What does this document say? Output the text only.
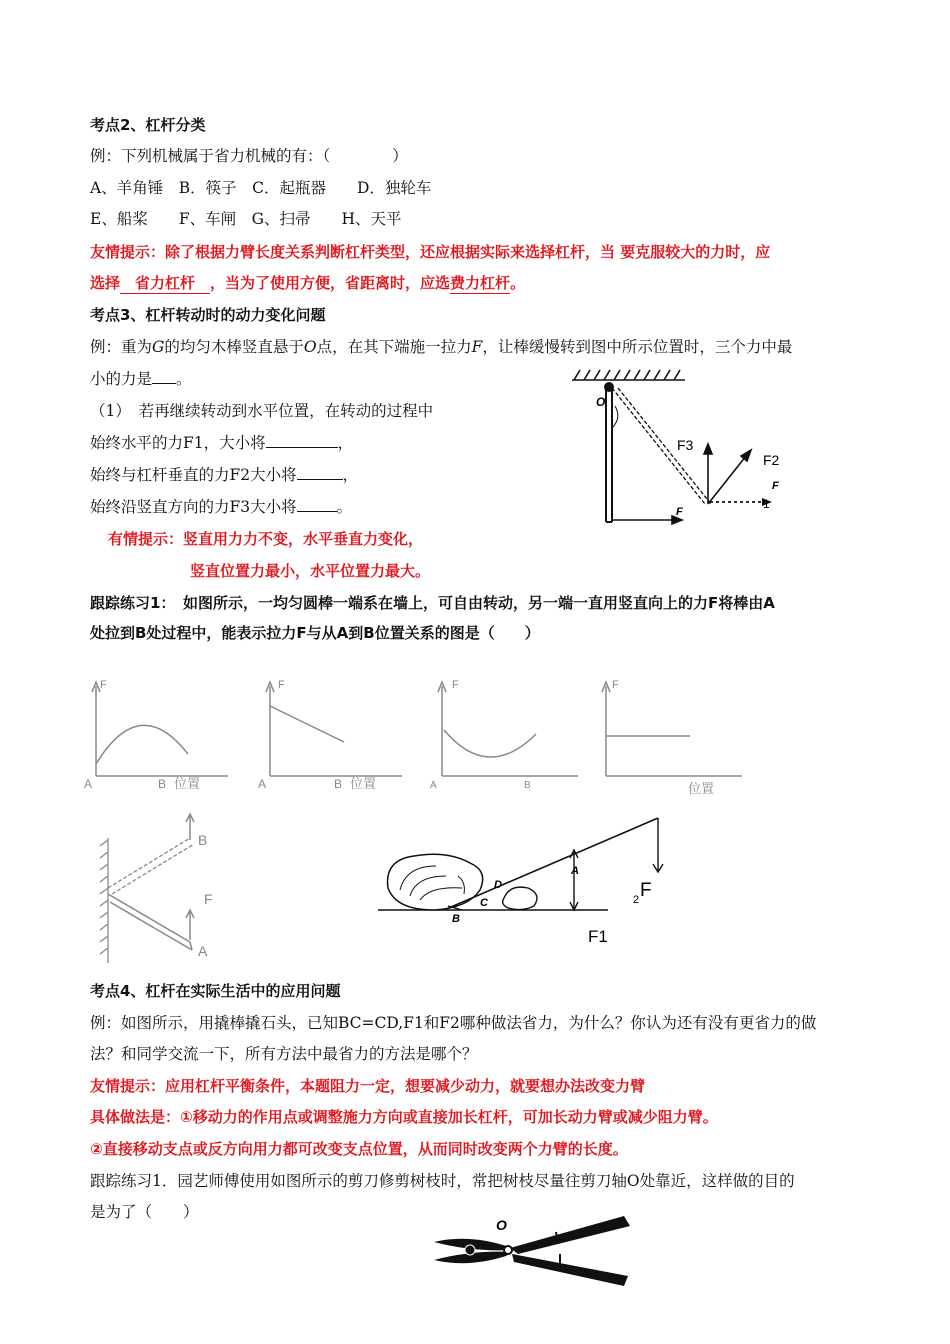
考点2、杠杆分类
例：下列机械属于省力机械的有：（　　　　）
A、羊角锤　B．筷子　C．起瓶器　　D．独轮车
E、船桨　　F、车闸　G、扫帚　　H、天平
友情提示：除了根据力臂长度关系判断杠杆类型，还应根据实际来选择杠杆，当 要克服较大的力时，应
选择　省力杠杆　，当为了使用方便，省距离时，应选费力杠杆。
考点3、杠杆转动时的动力变化问题
例：重为G的均匀木棒竖直悬于O点，在其下端施一拉力F，让棒缓慢转到图中所示位置时，三个力中最
小的力是 。
（1）　若再继续转动到水平位置，在转动的过程中
始终水平的力F1，大小将	，
始终与杠杆垂直的力F2大小将	，
始终沿竖直方向的力F3大小将	。
有情提示：竖直用力力不变，水平垂直力变化，
竖直位置力最小，水平位置力最大。
O
F3
F2
F
1
F
跟踪练习1：　如图所示，一均匀圆棒一端系在墙上，可自由转动，另一端一直用竖直向上的力F将棒由A
处拉到B处过程中，能表示拉力F与从A到B位置关系的图是（　　）
F
A	B 位置
F
A	B 位置
F
A	B
F
位置
B
F
A
A
B
C
D
2 F
F1
考点4、杠杆在实际生活中的应用问题
例：如图所示，用撬棒撬石头，已知BC=CD,F1和F2哪种做法省力，为什么？你认为还有没有更省力的做
法？和同学交流一下，所有方法中最省力的方法是哪个？
友情提示：应用杠杆平衡条件，本题阻力一定，想要减少动力，就要想办法改变力臂
具体做法是：①移动力的作用点或调整施力方向或直接加长杠杆，可加长动力臂或减少阻力臂。
②直接移动支点或反方向用力都可改变支点位置，从而同时改变两个力臂的长度。
跟踪练习1．园艺师傅使用如图所示的剪刀修剪树枝时，常把树枝尽量往剪刀轴O处靠近，这样做的目的
是为了（　　）
O
